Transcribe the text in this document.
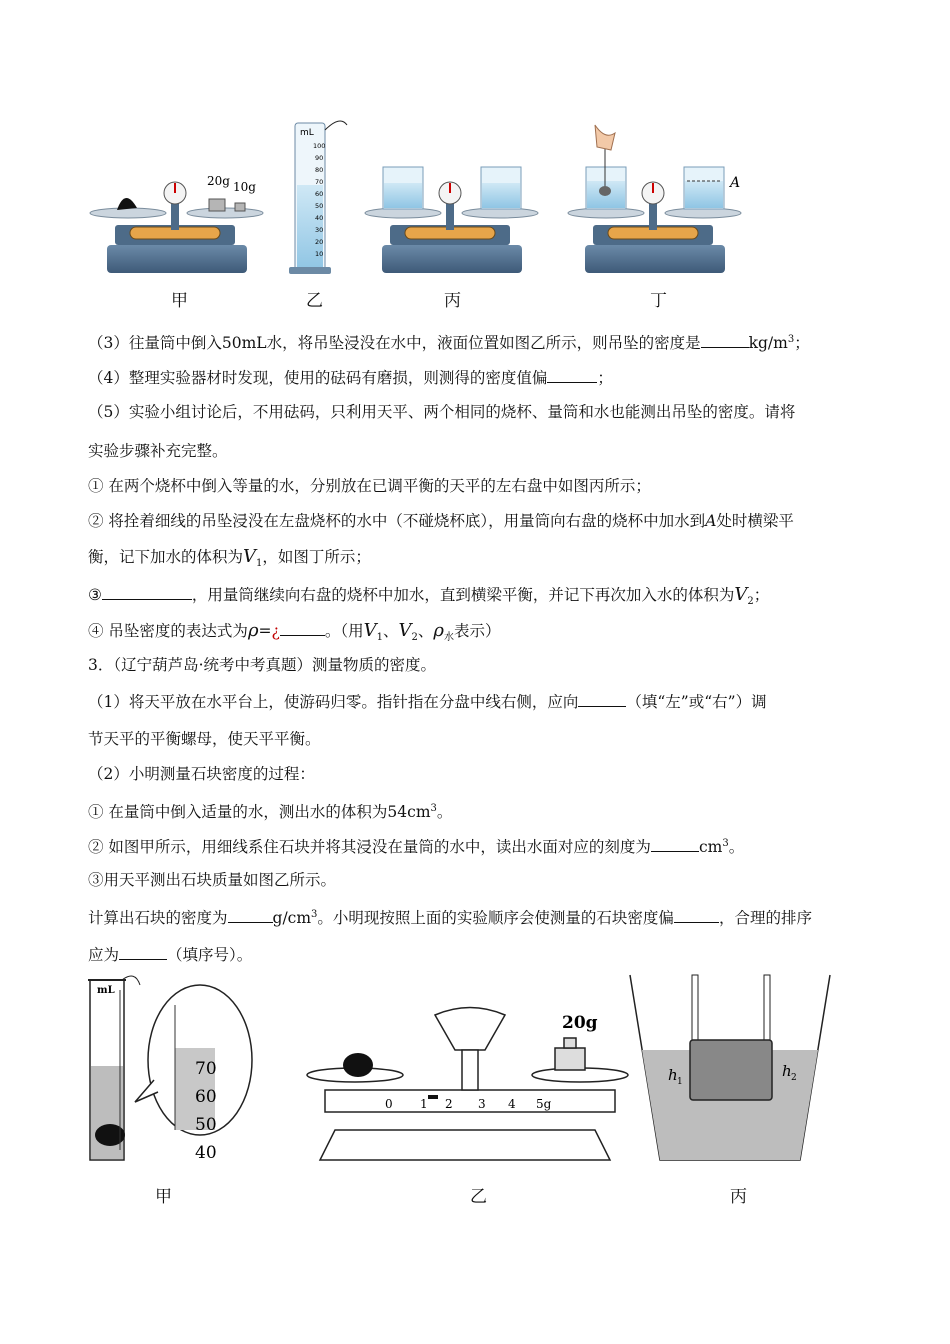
20g 10g
mL
100
90
80
70
60
50
40
30
20
10
A
甲	乙	丙	丁
（3）往量筒中倒入50mL水，将吊坠浸没在水中，液面位置如图乙所示，则吊坠的密度是	$kg/m^3$；
（4）整理实验器材时发现，使用的砝码有磨损，则测得的密度值偏	；
（5）实验小组讨论后，不用砝码，只利用天平、两个相同的烧杯、量筒和水也能测出吊坠的密度。请将
实验步骤补充完整。
① 在两个烧杯中倒入等量的水，分别放在已调平衡的天平的左右盘中如图丙所示；
② 将拴着细线的吊坠浸没在左盘烧杯的水中（不碰烧杯底），用量筒向右盘的烧杯中加水到A处时横梁平
衡，记下加水的体积为$V_1$，如图丁所示；
③	，用量筒继续向右盘的烧杯中加水，直到横梁平衡，并记下再次加入水的体积为$V_2$；
④ 吊坠密度的表达式为ρ=¿	。（用$V_1$、$V_2$、$\rho_水$表示）
3．（辽宁葫芦岛·统考中考真题）测量物质的密度。
（1）将天平放在水平台上，使游码归零。指针指在分盘中线右侧，应向	（填“左”或“右”）调
节天平的平衡螺母，使天平平衡。
（2）小明测量石块密度的过程：
① 在量筒中倒入适量的水，测出水的体积为$54cm^3$。
② 如图甲所示，用细线系住石块并将其浸没在量筒的水中，读出水面对应的刻度为	$cm^3$。
③用天平测出石块质量如图乙所示。
计算出石块的密度为	$g/cm^3$。小明现按照上面的实验顺序会使测量的石块密度偏	，合理的排序
应为	（填序号）。
mL
70
60
50
40
20g
0 1 2 3 4 5g
h 1
h 2
甲	乙	丙
